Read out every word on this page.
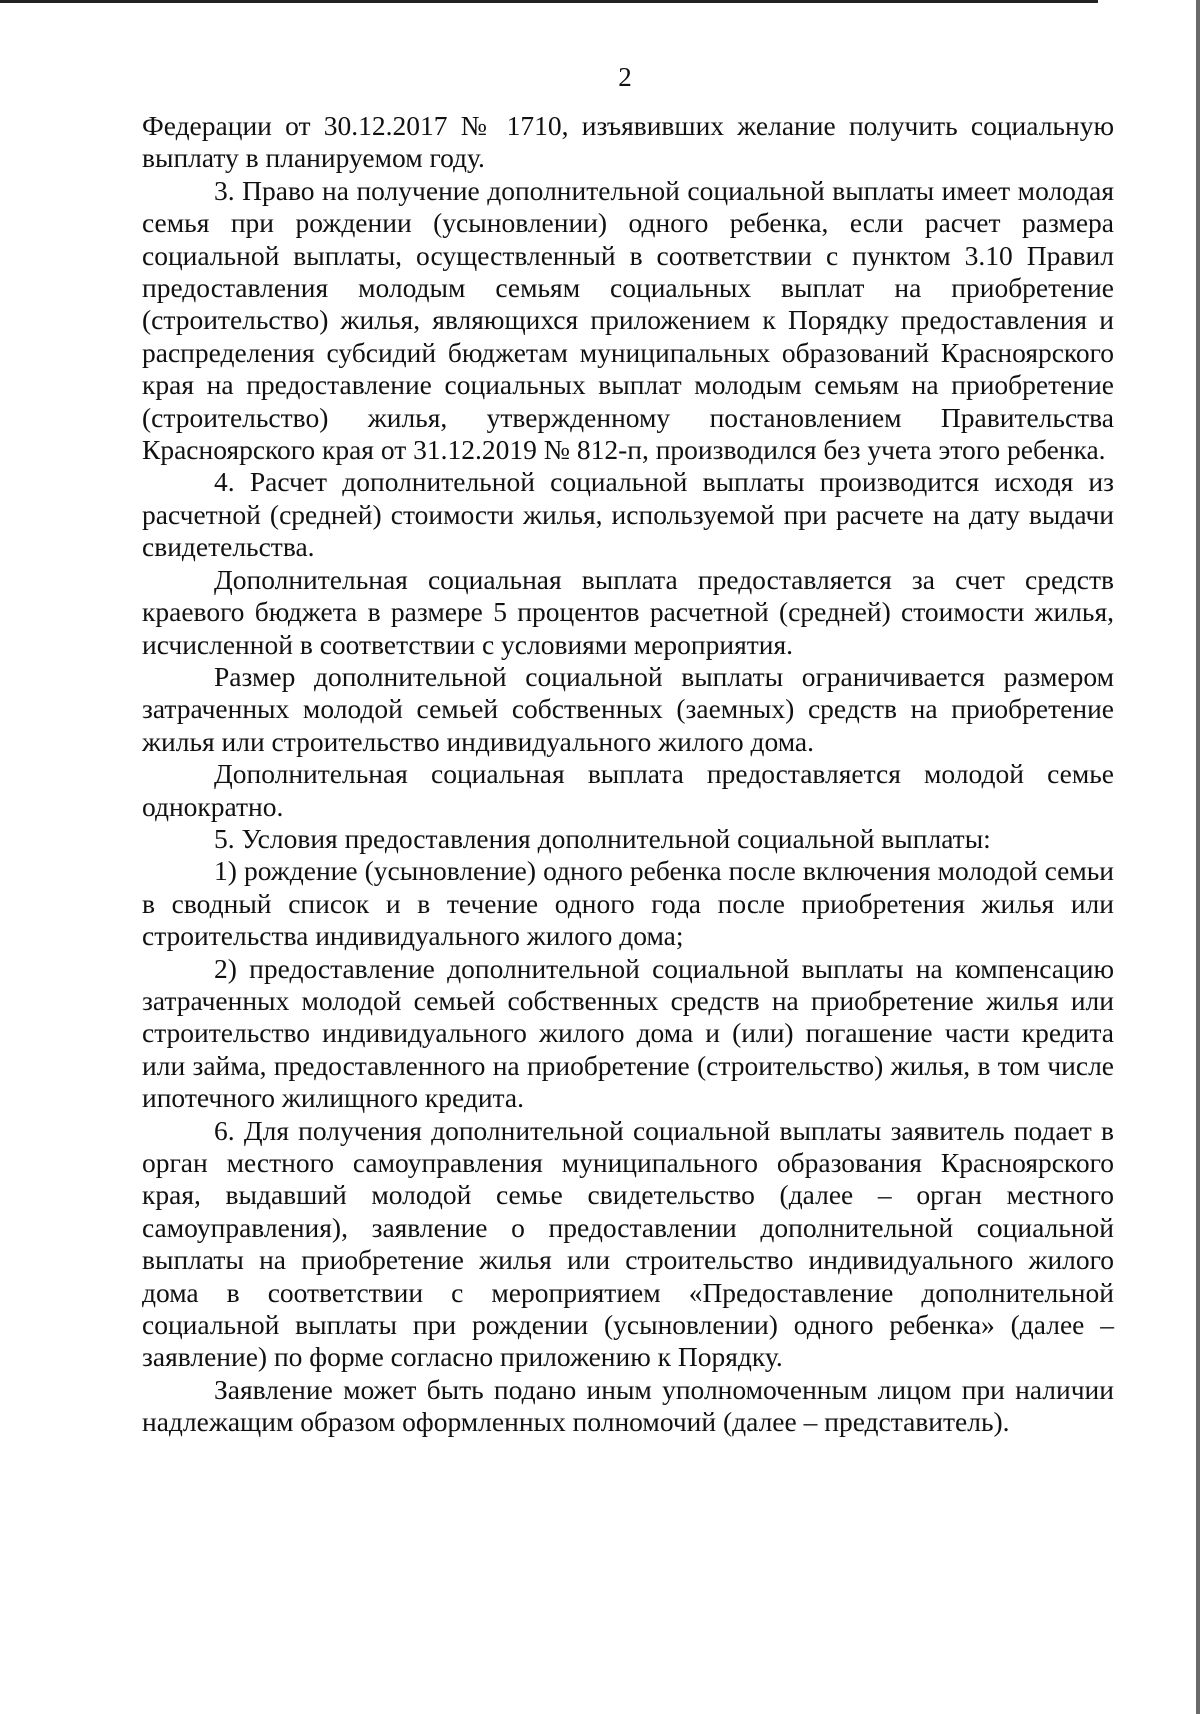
2

Федерации от 30.12.2017 № 1710, изъявивших желание получить социальную выплату в планируемом году.

3. Право на получение дополнительной социальной выплаты имеет молодая семья при рождении (усыновлении) одного ребенка, если расчет размера социальной выплаты, осуществленный в соответствии с пунктом 3.10 Правил предоставления молодым семьям социальных выплат на приобретение (строительство) жилья, являющихся приложением к Порядку предоставления и распределения субсидий бюджетам муниципальных образований Красноярского края на предоставление социальных выплат молодым семьям на приобретение (строительство) жилья, утвержденному постановлением Правительства Красноярского края от 31.12.2019 № 812-п, производился без учета этого ребенка.

4. Расчет дополнительной социальной выплаты производится исходя из расчетной (средней) стоимости жилья, используемой при расчете на дату выдачи свидетельства.

Дополнительная социальная выплата предоставляется за счет средств краевого бюджета в размере 5 процентов расчетной (средней) стоимости жилья, исчисленной в соответствии с условиями мероприятия.

Размер дополнительной социальной выплаты ограничивается размером затраченных молодой семьей собственных (заемных) средств на приобретение жилья или строительство индивидуального жилого дома.

Дополнительная социальная выплата предоставляется молодой семье однократно.

5. Условия предоставления дополнительной социальной выплаты:

1) рождение (усыновление) одного ребенка после включения молодой семьи в сводный список и в течение одного года после приобретения жилья или строительства индивидуального жилого дома;

2) предоставление дополнительной социальной выплаты на компенсацию затраченных молодой семьей собственных средств на приобретение жилья или строительство индивидуального жилого дома и (или) погашение части кредита или займа, предоставленного на приобретение (строительство) жилья, в том числе ипотечного жилищного кредита.

6. Для получения дополнительной социальной выплаты заявитель подает в орган местного самоуправления муниципального образования Красноярского края, выдавший молодой семье свидетельство (далее – орган местного самоуправления), заявление о предоставлении дополнительной социальной выплаты на приобретение жилья или строительство индивидуального жилого дома в соответствии с мероприятием «Предоставление дополнительной социальной выплаты при рождении (усыновлении) одного ребенка» (далее – заявление) по форме согласно приложению к Порядку.

Заявление может быть подано иным уполномоченным лицом при наличии надлежащим образом оформленных полномочий (далее – представитель).
